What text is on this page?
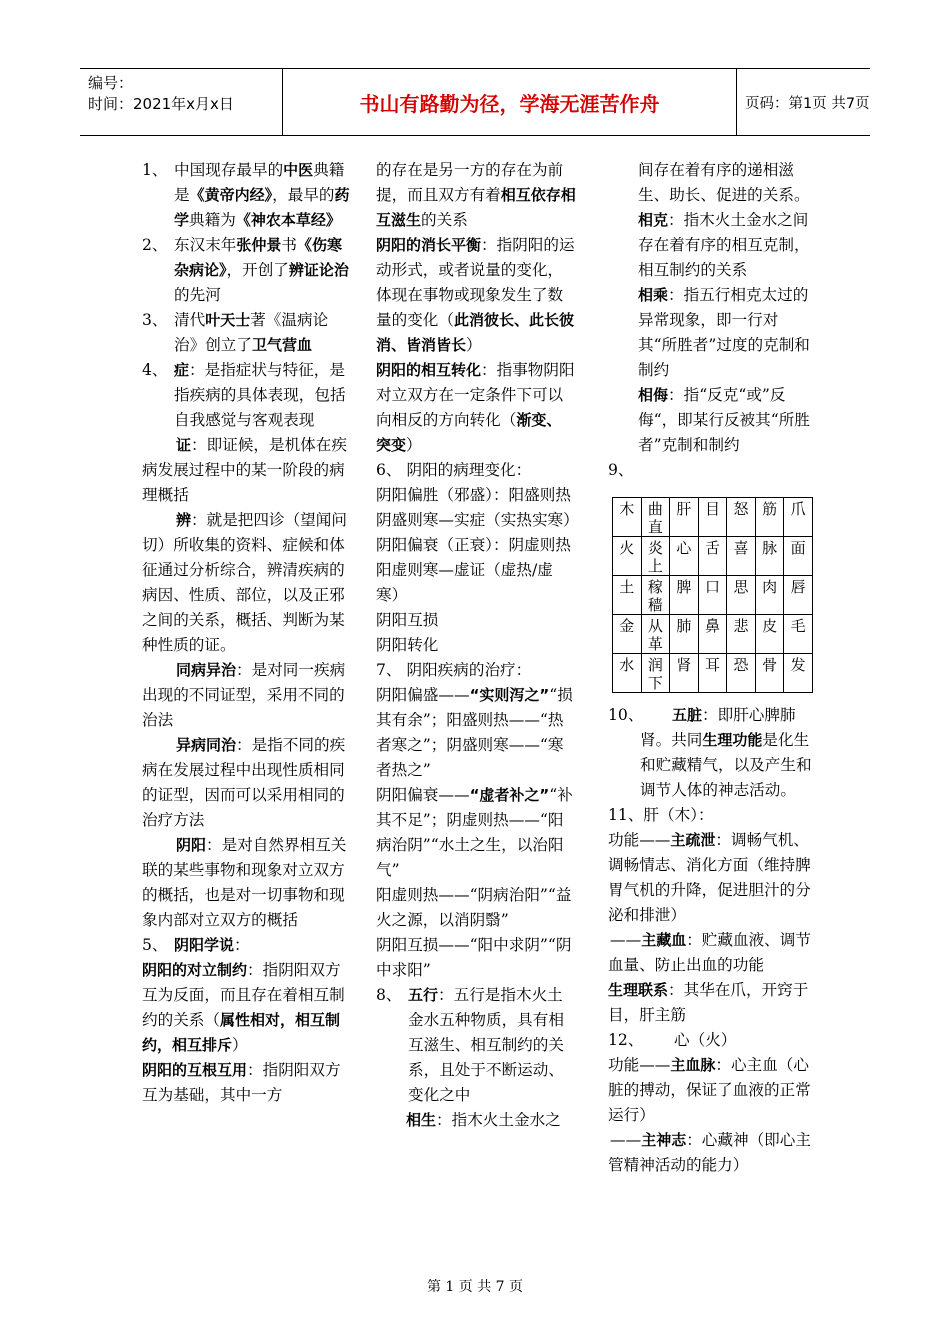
编号：
时间：2021年x月x日	书山有路勤为径，学海无涯苦作舟	页码：第1页 共7页

1、 中国现存最早的中医典籍是《黄帝内经》，最早的药学典籍为《神农本草经》

2、 东汉末年张仲景书《伤寒杂病论》，开创了辨证论治的先河

3、 清代叶天士著《温病论治》创立了卫气营血

4、 症：是指症状与特征，是指疾病的具体表现，包括自我感觉与客观表现

证：即证候，是机体在疾病发展过程中的某一阶段的病理概括

辨：就是把四诊（望闻问切）所收集的资料、症候和体征通过分析综合，辨清疾病的病因、性质、部位，以及正邪之间的关系，概括、判断为某种性质的证。

同病异治：是对同一疾病出现的不同证型，采用不同的治法

异病同治：是指不同的疾病在发展过程中出现性质相同的证型，因而可以采用相同的治疗方法

阴阳：是对自然界相互关联的某些事物和现象对立双方的概括，也是对一切事物和现象内部对立双方的概括

5、 阴阳学说：

阴阳的对立制约：指阴阳双方互为反面，而且存在着相互制约的关系（属性相对，相互制约，相互排斥）

阴阳的互根互用：指阴阳双方互为基础，其中一方

的存在是另一方的存在为前提，而且双方有着相互依存相互滋生的关系

阴阳的消长平衡：指阴阳的运动形式，或者说量的变化，体现在事物或现象发生了数量的变化（此消彼长、此长彼消、皆消皆长）

阴阳的相互转化：指事物阴阳对立双方在一定条件下可以向相反的方向转化（渐变、突变）

6、 阴阳的病理变化：

阴阳偏胜（邪盛）：阳盛则热阴盛则寒—实症（实热实寒）

阴阳偏衰（正衰）：阴虚则热阳虚则寒—虚证（虚热/虚寒）

阴阳互损

阴阳转化

7、 阴阳疾病的治疗：

阴阳偏盛——“实则泻之”“损其有余”；阳盛则热——“热者寒之”；阴盛则寒——“寒者热之”

阴阳偏衰——“虚者补之”“补其不足”；阴虚则热——“阳病治阴”“水土之生，以治阳气”

阳虚则热——“阴病治阳”“益火之源，以消阴翳”

阴阳互损——“阳中求阴”“阴中求阳”

8、 五行：五行是指木火土金水五种物质，具有相互滋生、相互制约的关系，且处于不断运动、变化之中

相生：指木火土金水之

间存在着有序的递相滋生、助长、促进的关系。

相克：指木火土金水之间存在着有序的相互克制，相互制约的关系

相乘：指五行相克太过的异常现象，即一行对其“所胜者”过度的克制和制约

相侮：指“反克“或”反侮“，即某行反被其“所胜者”克制和制约

9、

木	曲直	肝	目	怒	筋	爪
火	炎上	心	舌	喜	脉	面
土	稼穑	脾	口	思	肉	唇
金	从革	肺	鼻	悲	皮	毛
水	润下	肾	耳	恐	骨	发

10、 五脏：即肝心脾肺肾。共同生理功能是化生和贮藏精气，以及产生和调节人体的神志活动。

11、肝（木）：

功能——主疏泄：调畅气机、调畅情志、消化方面（维持脾胃气机的升降，促进胆汁的分泌和排泄）

——主藏血：贮藏血液、调节血量、防止出血的功能

生理联系：其华在爪，开窍于目，肝主筋

12、 心（火）

功能——主血脉：心主血（心脏的搏动，保证了血液的正常运行）

——主神志：心藏神（即心主管精神活动的能力）

第 1 页 共 7 页
